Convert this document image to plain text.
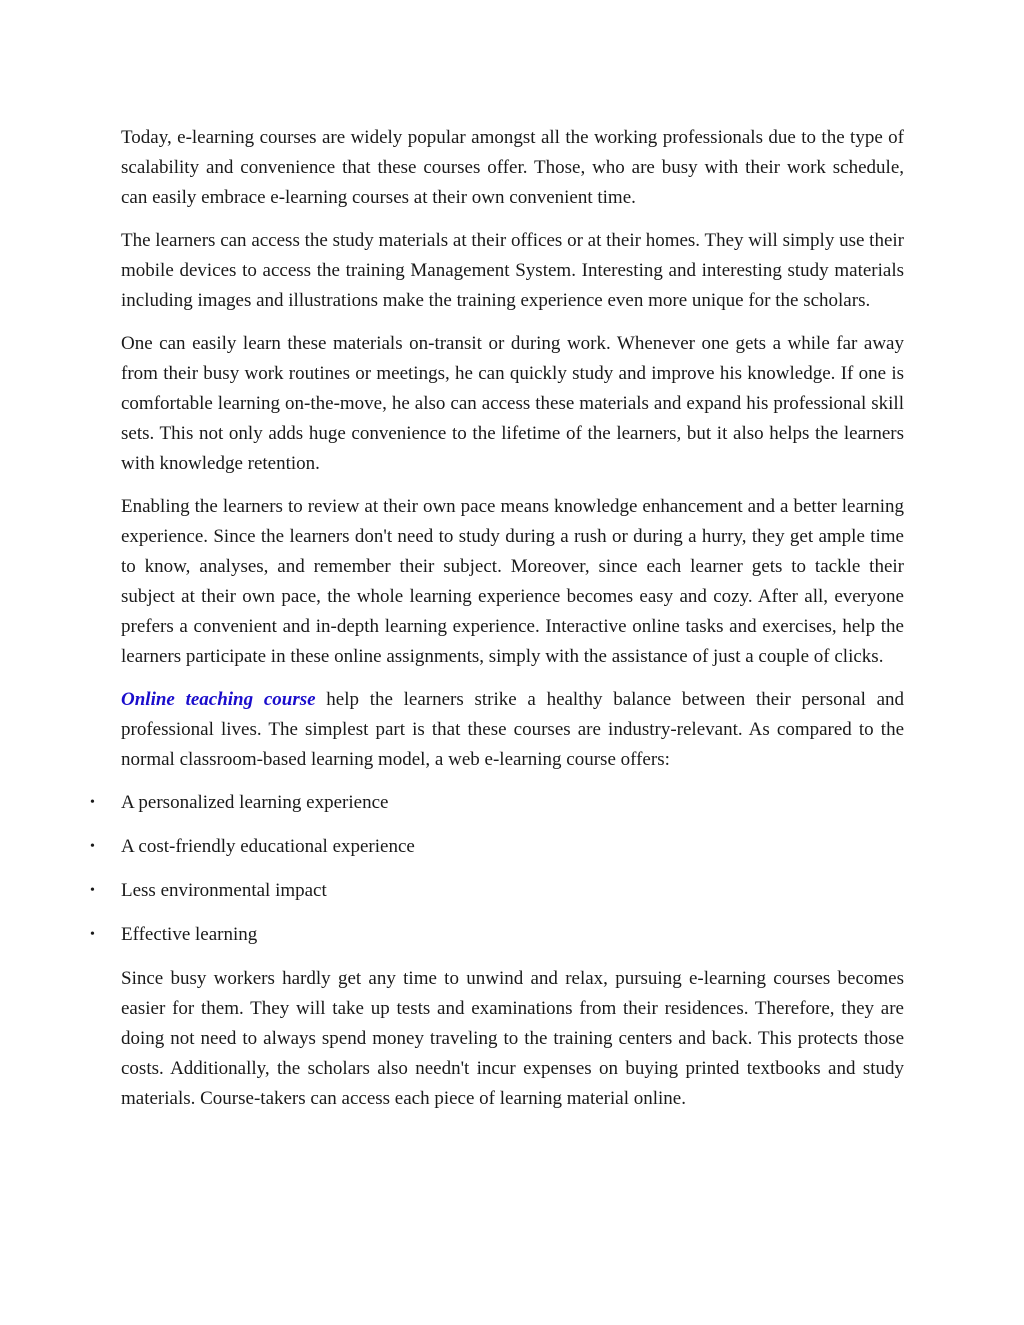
Today, e-learning courses are widely popular amongst all the working professionals due to the type of scalability and convenience that these courses offer. Those, who are busy with their work schedule, can easily embrace e-learning courses at their own convenient time.

The learners can access the study materials at their offices or at their homes. They will simply use their mobile devices to access the training Management System. Interesting and interesting study materials including images and illustrations make the training experience even more unique for the scholars.

One can easily learn these materials on-transit or during work. Whenever one gets a while far away from their busy work routines or meetings, he can quickly study and improve his knowledge. If one is comfortable learning on-the-move, he also can access these materials and expand his professional skill sets. This not only adds huge convenience to the lifetime of the learners, but it also helps the learners with knowledge retention.

Enabling the learners to review at their own pace means knowledge enhancement and a better learning experience. Since the learners don't need to study during a rush or during a hurry, they get ample time to know, analyses, and remember their subject. Moreover, since each learner gets to tackle their subject at their own pace, the whole learning experience becomes easy and cozy. After all, everyone prefers a convenient and in-depth learning experience. Interactive online tasks and exercises, help the learners participate in these online assignments, simply with the assistance of just a couple of clicks.

Online teaching course help the learners strike a healthy balance between their personal and professional lives. The simplest part is that these courses are industry-relevant. As compared to the normal classroom-based learning model, a web e-learning course offers:

• A personalized learning experience
• A cost-friendly educational experience
• Less environmental impact
• Effective learning

Since busy workers hardly get any time to unwind and relax, pursuing e-learning courses becomes easier for them. They will take up tests and examinations from their residences. Therefore, they are doing not need to always spend money traveling to the training centers and back. This protects those costs. Additionally, the scholars also needn't incur expenses on buying printed textbooks and study materials. Course-takers can access each piece of learning material online.
